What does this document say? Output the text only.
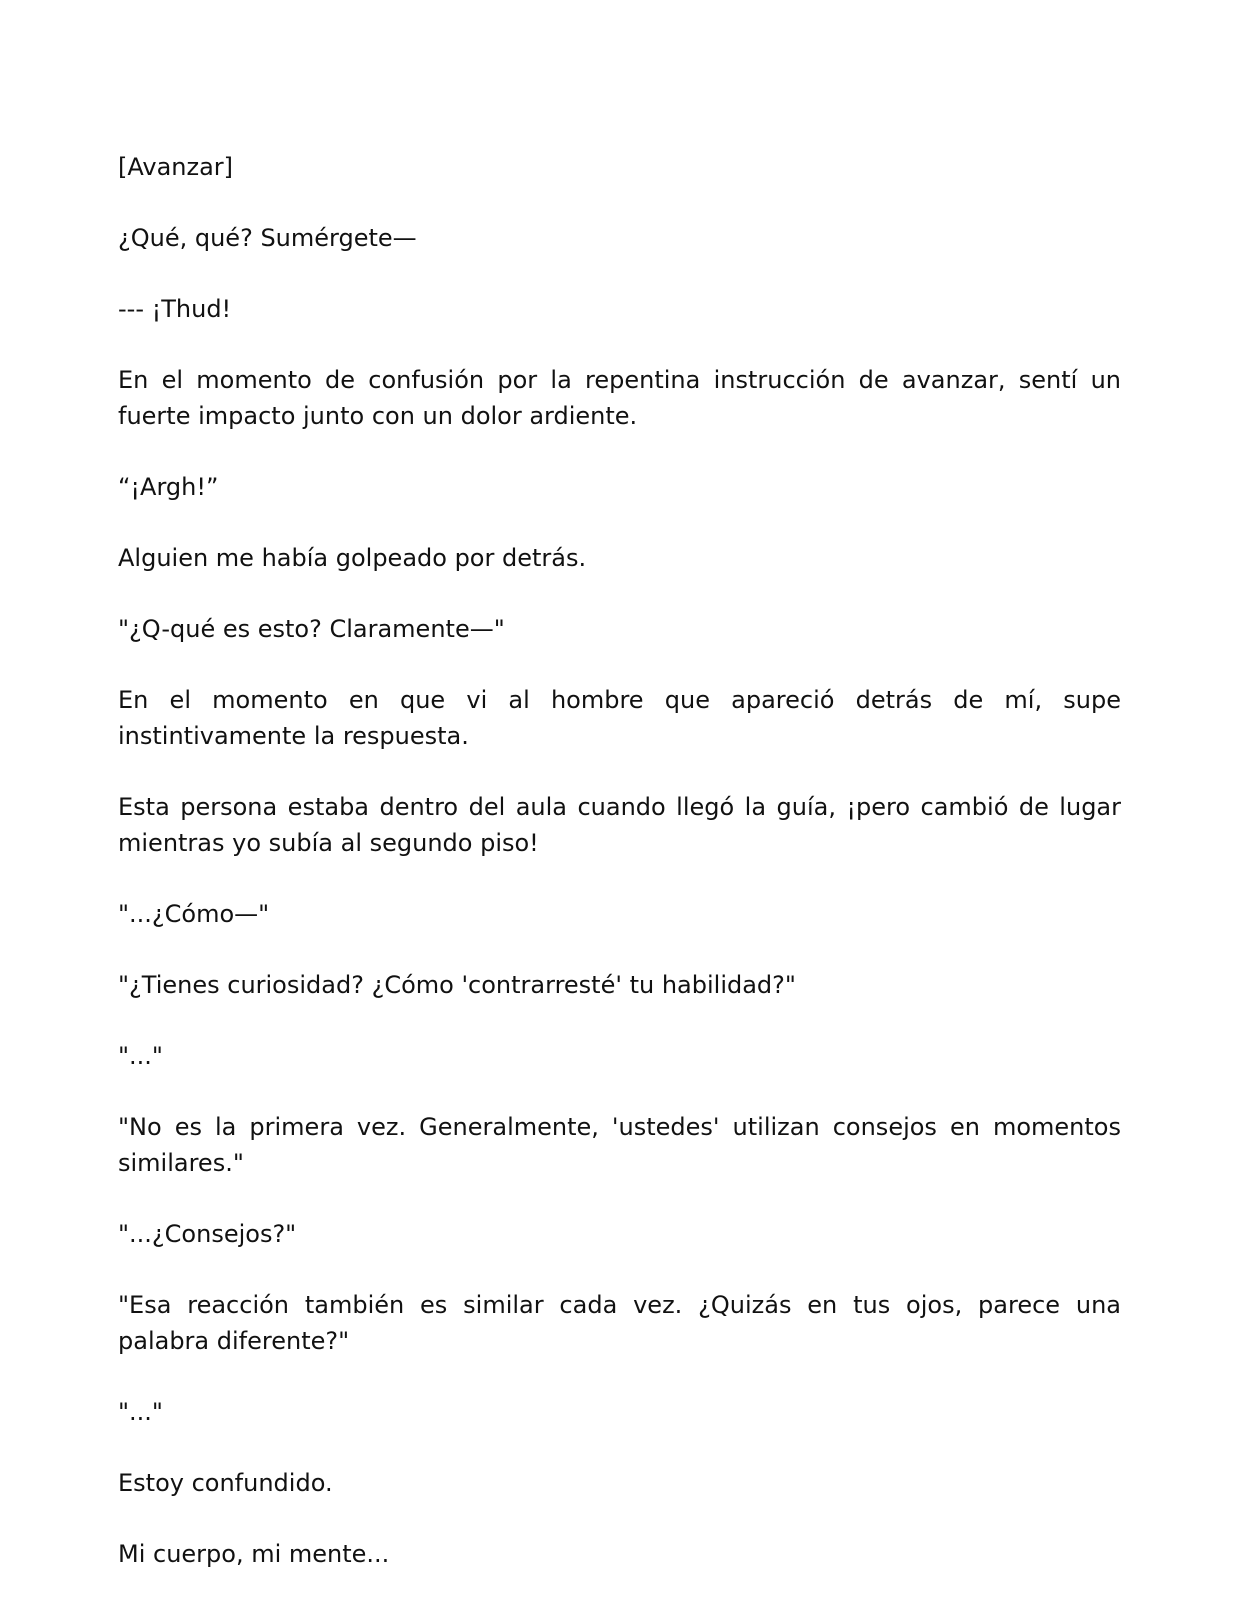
[Avanzar]

¿Qué, qué? Sumérgete—

--- ¡Thud!

En el momento de confusión por la repentina instrucción de avanzar, sentí un fuerte impacto junto con un dolor ardiente.

“¡Argh!”

Alguien me había golpeado por detrás.

"¿Q-qué es esto? Claramente—"

En el momento en que vi al hombre que apareció detrás de mí, supe instintivamente la respuesta.

Esta persona estaba dentro del aula cuando llegó la guía, ¡pero cambió de lugar mientras yo subía al segundo piso!

"...¿Cómo—"

"¿Tienes curiosidad? ¿Cómo 'contrarresté' tu habilidad?"

"..."

"No es la primera vez. Generalmente, 'ustedes' utilizan consejos en momentos similares."

"...¿Consejos?"

"Esa reacción también es similar cada vez. ¿Quizás en tus ojos, parece una palabra diferente?"

"..."

Estoy confundido.

Mi cuerpo, mi mente...
